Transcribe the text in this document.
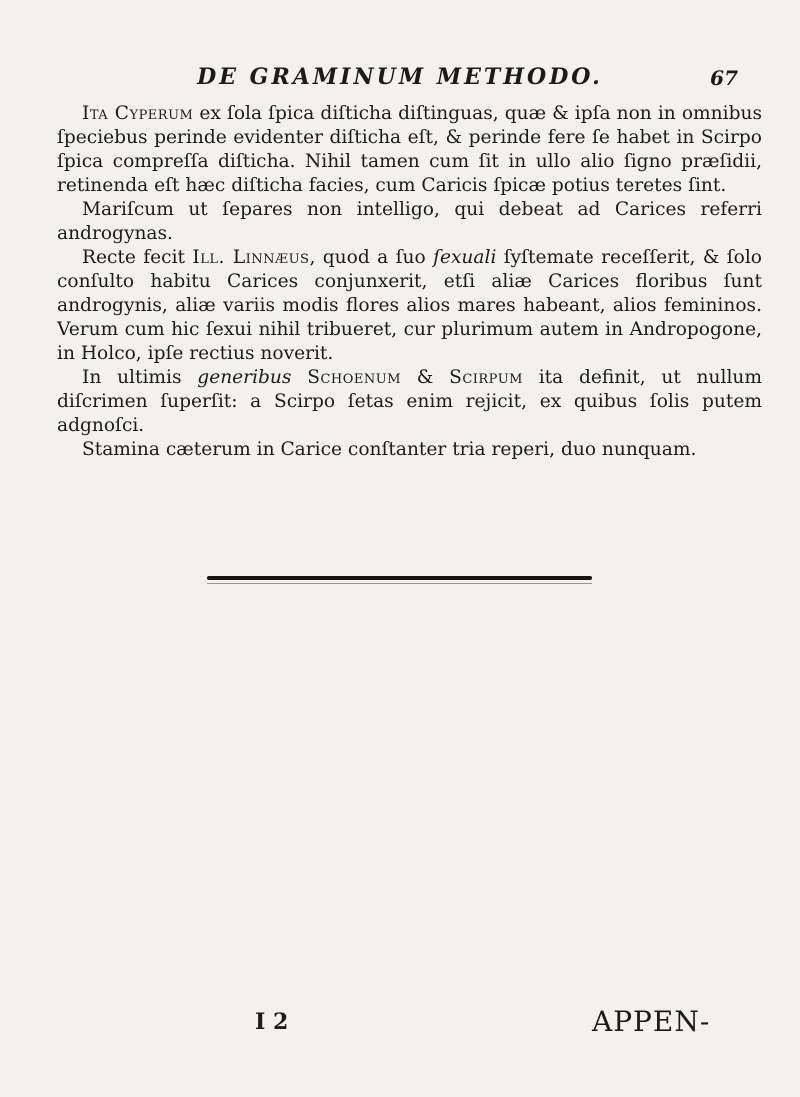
DE GRAMINUM METHODO.	67

Ita Cyperum ex ſola ſpica diſticha diſtinguas, quæ & ipſa non in omnibus ſpeciebus perinde evidenter diſticha eſt, & perinde fere ſe habet in Scirpo ſpica compreſſa diſticha. Nihil tamen cum ſit in ullo alio ſigno præſidii, retinenda eſt hæc diſticha facies, cum Caricis ſpicæ potius teretes ſint.

Mariſcum ut ſepares non intelligo, qui debeat ad Carices referri androgynas.

Recte fecit Ill. Linnæus, quod a ſuo ſexuali ſyſtemate receſſerit, & ſolo conſulto habitu Carices conjunxerit, etſi aliæ Carices floribus ſunt androgynis, aliæ variis modis flores alios mares habeant, alios femininos. Verum cum hic ſexui nihil tribueret, cur plurimum autem in Andropogone, in Holco, ipſe rectius noverit.

In ultimis generibus Schoenum & Scirpum ita definit, ut nullum diſcrimen ſuperſit: a Scirpo ſetas enim rejicit, ex quibus ſolis putem adgnoſci.

Stamina cæterum in Carice conſtanter tria reperi, duo nunquam.

I 2	APPEN-
